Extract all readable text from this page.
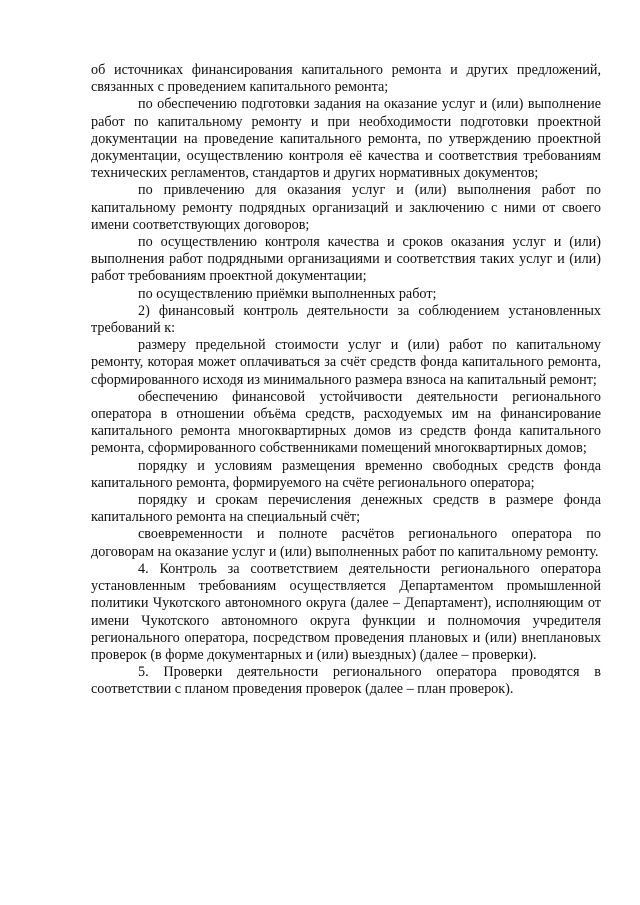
об источниках финансирования капитального ремонта и других предложений, связанных с проведением капитального ремонта;

по обеспечению подготовки задания на оказание услуг и (или) выполнение работ по капитальному ремонту и при необходимости подготовки проектной документации на проведение капитального ремонта, по утверждению проектной документации, осуществлению контроля её качества и соответствия требованиям технических регламентов, стандартов и других нормативных документов;

по привлечению для оказания услуг и (или) выполнения работ по капитальному ремонту подрядных организаций и заключению с ними от своего имени соответствующих договоров;

по осуществлению контроля качества и сроков оказания услуг и (или) выполнения работ подрядными организациями и соответствия таких услуг и (или) работ требованиям проектной документации;

по осуществлению приёмки выполненных работ;

2) финансовый контроль деятельности за соблюдением установленных требований к:

размеру предельной стоимости услуг и (или) работ по капитальному ремонту, которая может оплачиваться за счёт средств фонда капитального ремонта, сформированного исходя из минимального размера взноса на капитальный ремонт;

обеспечению финансовой устойчивости деятельности регионального оператора в отношении объёма средств, расходуемых им на финансирование капитального ремонта многоквартирных домов из средств фонда капитального ремонта, сформированного собственниками помещений многоквартирных домов;

порядку и условиям размещения временно свободных средств фонда капитального ремонта, формируемого на счёте регионального оператора;

порядку и срокам перечисления денежных средств в размере фонда капитального ремонта на специальный счёт;

своевременности и полноте расчётов регионального оператора по договорам на оказание услуг и (или) выполненных работ по капитальному ремонту.

4. Контроль за соответствием деятельности регионального оператора установленным требованиям осуществляется Департаментом промышленной политики Чукотского автономного округа (далее – Департамент), исполняющим от имени Чукотского автономного округа функции и полномочия учредителя регионального оператора, посредством проведения плановых и (или) внеплановых проверок (в форме документарных и (или) выездных) (далее – проверки).

5. Проверки деятельности регионального оператора проводятся в соответствии с планом проведения проверок (далее – план проверок).
